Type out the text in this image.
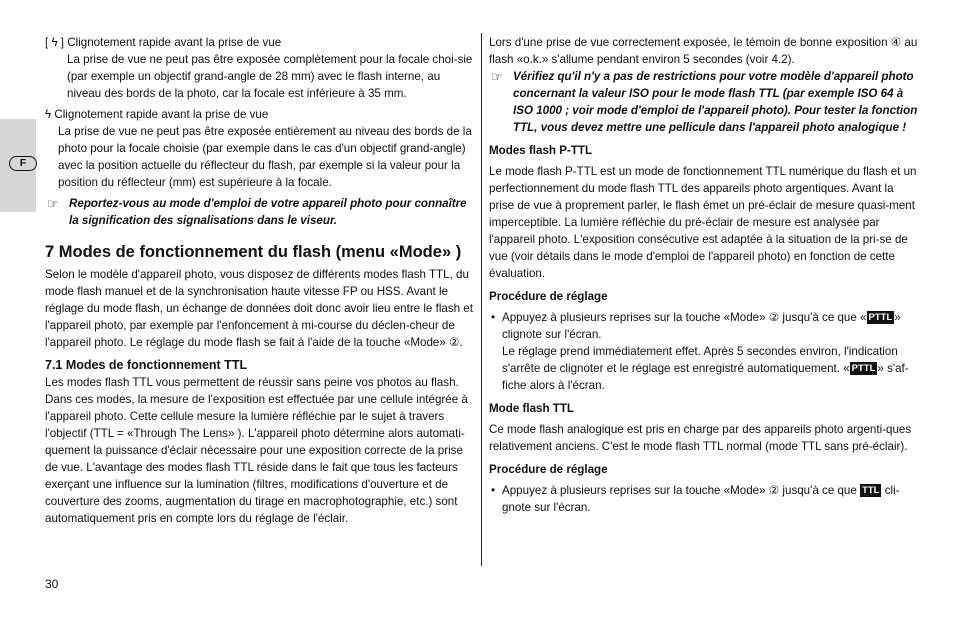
F

[ ϟ ] Clignotement rapide avant la prise de vue

La prise de vue ne peut pas être exposée complètement pour la focale choi-sie (par exemple un objectif grand-angle de 28 mm) avec le flash interne, au niveau des bords de la photo, car la focale est inférieure à 35 mm.

ϟ Clignotement rapide avant la prise de vue

La prise de vue ne peut pas être exposée entièrement au niveau des bords de la photo pour la focale choisie (par exemple dans le cas d'un objectif grand-angle) avec la position actuelle du réflecteur du flash, par exemple si la valeur pour la position du réflecteur (mm) est supérieure à la focale.

☞ Reportez-vous au mode d'emploi de votre appareil photo pour connaître la signification des signalisations dans le viseur.

7 Modes de fonctionnement du flash (menu «Mode» )

Selon le modèle d'appareil photo, vous disposez de différents modes flash TTL, du mode flash manuel et de la synchronisation haute vitesse FP ou HSS. Avant le réglage du mode flash, un échange de données doit donc avoir lieu entre le flash et l'appareil photo, par exemple par l'enfoncement à mi-course du déclen-cheur de l'appareil photo. Le réglage du mode flash se fait à l'aide de la touche «Mode» ②.

7.1 Modes de fonctionnement TTL

Les modes flash TTL vous permettent de réussir sans peine vos photos au flash. Dans ces modes, la mesure de l'exposition est effectuée par une cellule intégrée à l'appareil photo. Cette cellule mesure la lumière réfléchie par le sujet à travers l'objectif (TTL = «Through The Lens» ). L'appareil photo détermine alors automati-quement la puissance d'éclair nécessaire pour une exposition correcte de la prise de vue. L'avantage des modes flash TTL réside dans le fait que tous les facteurs exerçant une influence sur la lumination (filtres, modifications d'ouverture et de couverture des zooms, augmentation du tirage en macrophotographie, etc.) sont automatiquement pris en compte lors du réglage de l'éclair.

Lors d'une prise de vue correctement exposée, le témoin de bonne exposition ④ au flash «o.k.» s'allume pendant environ 5 secondes (voir 4.2).

☞ Vérifiez qu'il n'y a pas de restrictions pour votre modèle d'appareil photo concernant la valeur ISO pour le mode flash TTL (par exemple ISO 64 à ISO 1000 ; voir mode d'emploi de l'appareil photo). Pour tester la fonction TTL, vous devez mettre une pellicule dans l'appareil photo analogique !

Modes flash P-TTL

Le mode flash P-TTL est un mode de fonctionnement TTL numérique du flash et un perfectionnement du mode flash TTL des appareils photo argentiques. Avant la prise de vue à proprement parler, le flash émet un pré-éclair de mesure quasi-ment imperceptible. La lumière réfléchie du pré-éclair de mesure est analysée par l'appareil photo. L'exposition consécutive est adaptée à la situation de la pri-se de vue (voir détails dans le mode d'emploi de l'appareil photo) en fonction de cette évaluation.

Procédure de réglage

• Appuyez à plusieurs reprises sur la touche «Mode» ② jusqu'à ce que « PTTL » clignote sur l'écran.
Le réglage prend immédiatement effet. Après 5 secondes environ, l'indication s'arrête de clignoter et le réglage est enregistré automatiquement. « PTTL » s'af-fiche alors à l'écran.

Mode flash TTL

Ce mode flash analogique est pris en charge par des appareils photo argenti-ques relativement anciens. C'est le mode flash TTL normal (mode TTL sans pré-éclair).

Procédure de réglage

• Appuyez à plusieurs reprises sur la touche «Mode» ② jusqu'à ce que TTL cli-gnote sur l'écran.
30
